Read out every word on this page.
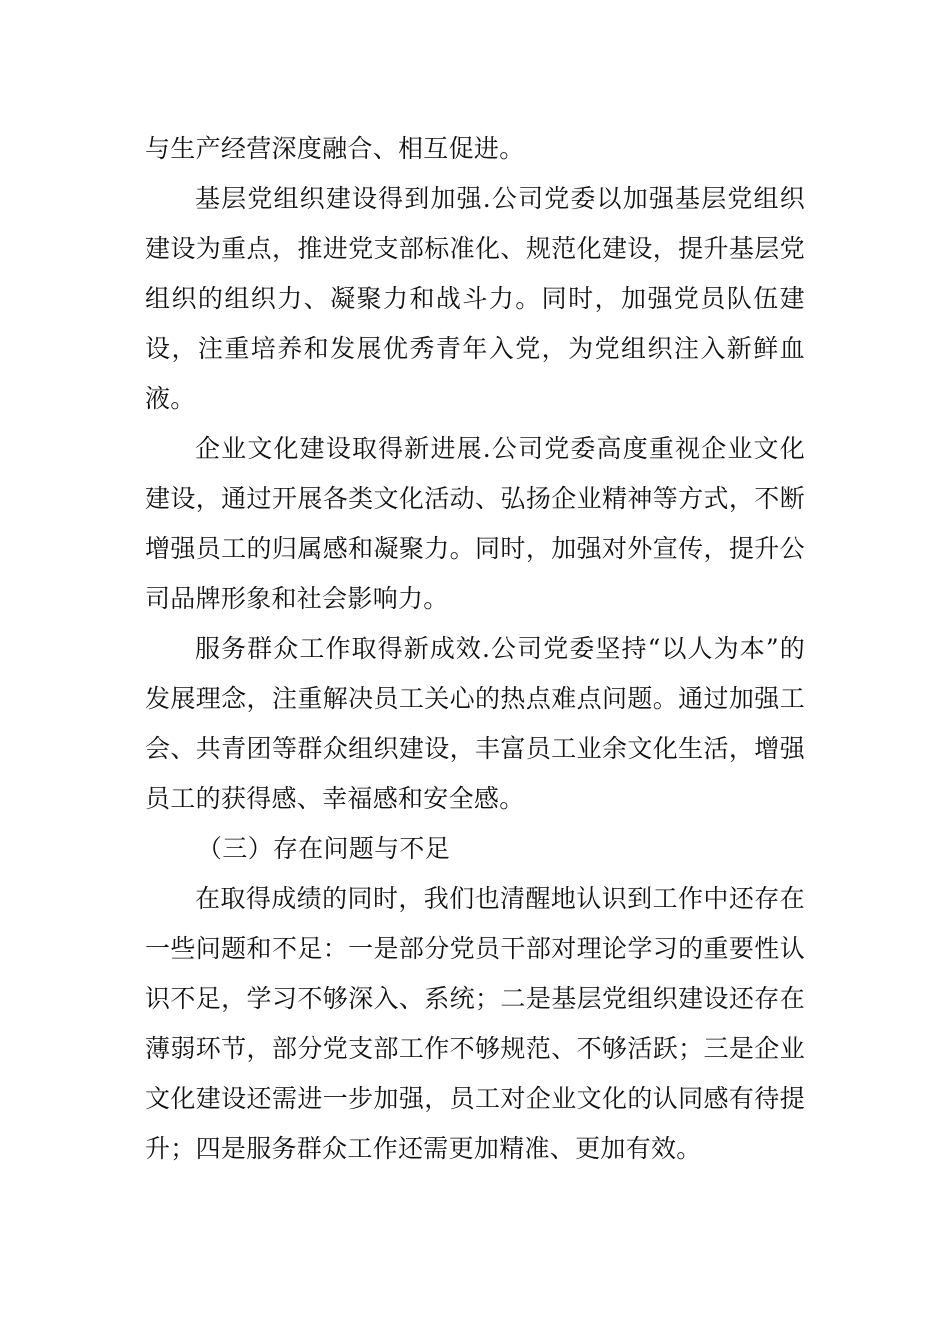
与生产经营深度融合、相互促进。

基层党组织建设得到加强.公司党委以加强基层党组织建设为重点，推进党支部标准化、规范化建设，提升基层党组织的组织力、凝聚力和战斗力。同时，加强党员队伍建设，注重培养和发展优秀青年入党，为党组织注入新鲜血液。

企业文化建设取得新进展.公司党委高度重视企业文化建设，通过开展各类文化活动、弘扬企业精神等方式，不断增强员工的归属感和凝聚力。同时，加强对外宣传，提升公司品牌形象和社会影响力。

服务群众工作取得新成效.公司党委坚持“以人为本”的发展理念，注重解决员工关心的热点难点问题。通过加强工会、共青团等群众组织建设，丰富员工业余文化生活，增强员工的获得感、幸福感和安全感。

（三）存在问题与不足

在取得成绩的同时，我们也清醒地认识到工作中还存在一些问题和不足：一是部分党员干部对理论学习的重要性认识不足，学习不够深入、系统；二是基层党组织建设还存在薄弱环节，部分党支部工作不够规范、不够活跃；三是企业文化建设还需进一步加强，员工对企业文化的认同感有待提升；四是服务群众工作还需更加精准、更加有效。
